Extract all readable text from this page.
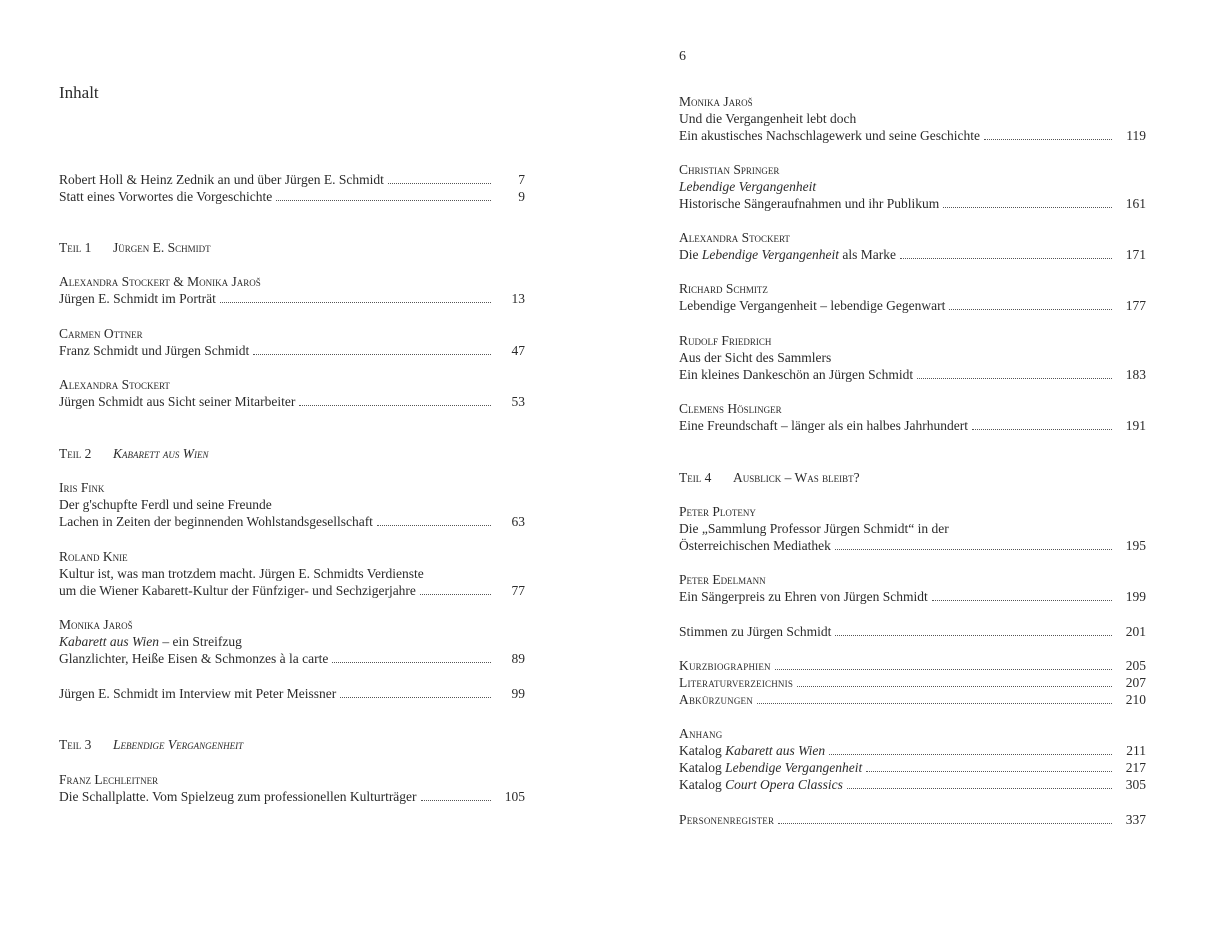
Inhalt
Robert Holl & Heinz Zednik an und über Jürgen E. Schmidt	7
Statt eines Vorwortes die Vorgeschichte	9
Teil 1 Jürgen E. Schmidt
Alexandra Stockert & Monika Jaroš
Jürgen E. Schmidt im Porträt	13
Carmen Ottner
Franz Schmidt und Jürgen Schmidt	47
Alexandra Stockert
Jürgen Schmidt aus Sicht seiner Mitarbeiter	53
Teil 2 Kabarett aus Wien
Iris Fink
Der g'schupfte Ferdl und seine Freunde
Lachen in Zeiten der beginnenden Wohlstandsgesellschaft	63
Roland Knie
Kultur ist, was man trotzdem macht. Jürgen E. Schmidts Verdienste
um die Wiener Kabarett-Kultur der Fünfziger- und Sechzigerjahre	77
Monika Jaroš
Kabarett aus Wien – ein Streifzug
Glanzlichter, Heiße Eisen & Schmonzes à la carte	89
Jürgen E. Schmidt im Interview mit Peter Meissner	99
Teil 3 Lebendige Vergangenheit
Franz Lechleitner
Die Schallplatte. Vom Spielzeug zum professionellen Kulturträger	105
6
Monika Jaroš
Und die Vergangenheit lebt doch
Ein akustisches Nachschlagewerk und seine Geschichte	119
Christian Springer
Lebendige Vergangenheit
Historische Sängeraufnahmen und ihr Publikum	161
Alexandra Stockert
Die Lebendige Vergangenheit als Marke	171
Richard Schmitz
Lebendige Vergangenheit – lebendige Gegenwart	177
Rudolf Friedrich
Aus der Sicht des Sammlers
Ein kleines Dankeschön an Jürgen Schmidt	183
Clemens Höslinger
Eine Freundschaft – länger als ein halbes Jahrhundert	191
Teil 4 Ausblick – Was bleibt?
Peter Ploteny
Die „Sammlung Professor Jürgen Schmidt“ in der
Österreichischen Mediathek	195
Peter Edelmann
Ein Sängerpreis zu Ehren von Jürgen Schmidt	199
Stimmen zu Jürgen Schmidt	201
Kurzbiographien	205
Literaturverzeichnis	207
Abkürzungen	210
Anhang
Katalog Kabarett aus Wien	211
Katalog Lebendige Vergangenheit	217
Katalog Court Opera Classics	305
Personenregister	337
